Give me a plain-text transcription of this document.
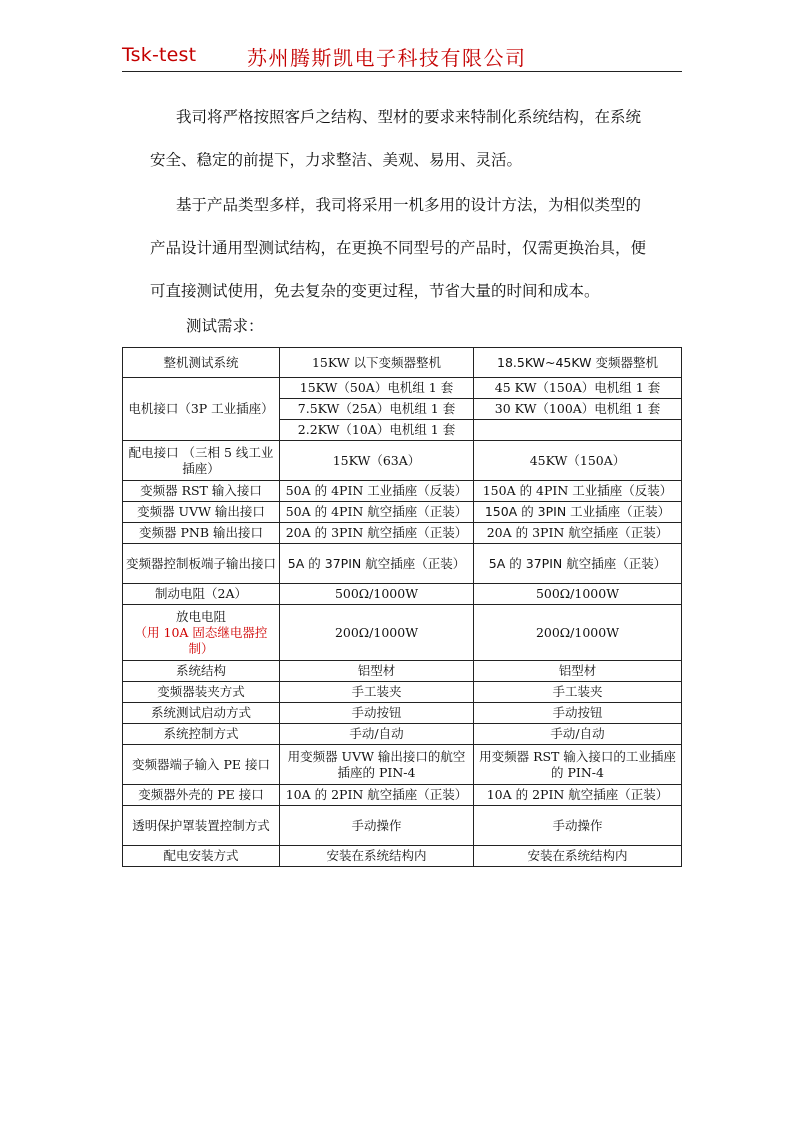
Tsk-test	苏州腾斯凯电子科技有限公司
我司将严格按照客戶之结构、型材的要求来特制化系统结构，在系统
安全、稳定的前提下，力求整洁、美观、易用、灵活。
基于产品类型多样，我司将采用一机多用的设计方法，为相似类型的
产品设计通用型测试结构，在更换不同型号的产品时，仅需更换治具，便
可直接测试使用，免去复杂的变更过程，节省大量的时间和成本。
测试需求：
整机测试系统	15KW 以下变频器整机	18.5KW~45KW 变频器整机
电机接口（3P 工业插座）	15KW（50A）电机组 1 套	45 KW（150A）电机组 1 套
	7.5KW（25A）电机组 1 套	30 KW（100A）电机组 1 套
	2.2KW（10A）电机组 1 套	
配电接口 （三相 5 线工业插座）	15KW（63A）	45KW（150A）
变频器 RST 输入接口	50A 的 4PIN 工业插座（反装）	150A 的 4PIN 工业插座（反装）
变频器 UVW 输出接口	50A 的 4PIN 航空插座（正装）	150A 的 3PIN 工业插座（正装）
变频器 PNB 输出接口	20A 的 3PIN 航空插座（正装）	20A 的 3PIN 航空插座（正装）
变频器控制板端子输出接口	5A 的 37PIN 航空插座（正装）	5A 的 37PIN 航空插座（正装）
制动电阻（2A）	500Ω/1000W	500Ω/1000W
放电电阻
（用 10A 固态继电器控制）	200Ω/1000W	200Ω/1000W
系统结构	铝型材	铝型材
变频器装夹方式	手工装夹	手工装夹
系统测试启动方式	手动按钮	手动按钮
系统控制方式	手动/自动	手动/自动
变频器端子输入 PE 接口	用变频器 UVW 输出接口的航空插座的 PIN-4	用变频器 RST 输入接口的工业插座的 PIN-4
变频器外壳的 PE 接口	10A 的 2PIN 航空插座（正装）	10A 的 2PIN 航空插座（正装）
透明保护罩装置控制方式	手动操作	手动操作
配电安装方式	安装在系统结构内	安装在系统结构内
